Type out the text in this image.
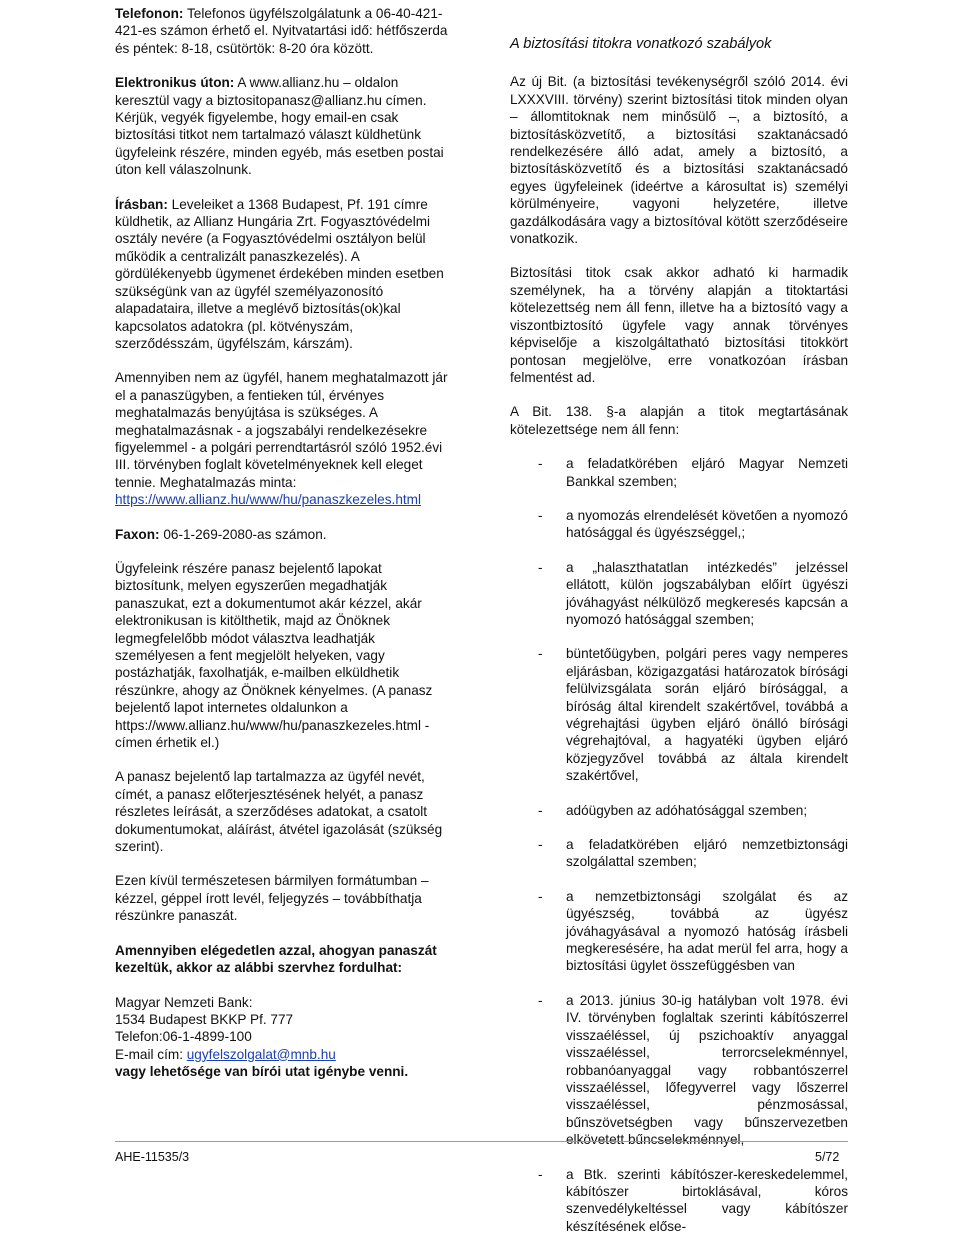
Telefonon: Telefonos ügyfélszolgálatunk a 06-40-421-421-es számon érhető el. Nyitvatartási idő: hétfőszerda és péntek: 8-18, csütörtök: 8-20 óra között.

Elektronikus úton: A www.allianz.hu – oldalon keresztül vagy a biztositopanasz@allianz.hu címen.

Kérjük, vegyék figyelembe, hogy email-en csak biztosítási titkot nem tartalmazó választ küldhetünk ügyfeleink részére, minden egyéb, más esetben postai úton kell válaszolnunk.

Írásban: Leveleiket a 1368 Budapest, Pf. 191 címre küldhetik, az Allianz Hungária Zrt. Fogyasztóvédelmi osztály nevére (a Fogyasztóvédelmi osztályon belül működik a centralizált panaszkezelés). A gördülékenyebb ügymenet érdekében minden esetben szükségünk van az ügyfél személyazonosító alapadataira, illetve a meglévő biztosítás(ok)kal kapcsolatos adatokra (pl. kötvényszám, szerződésszám, ügyfélszám, kárszám).

Amennyiben nem az ügyfél, hanem meghatalmazott jár el a panaszügyben, a fentieken túl, érvényes meghatalmazás benyújtása is szükséges. A meghatalmazásnak - a jogszabályi rendelkezésekre figyelemmel - a polgári perrendtartásról szóló 1952.évi III. törvényben foglalt követelményeknek kell eleget tennie. Meghatalmazás minta: https://www.allianz.hu/www/hu/panaszkezeles.html

Faxon: 06-1-269-2080-as számon.

Ügyfeleink részére panasz bejelentő lapokat biztosítunk, melyen egyszerűen megadhatják panaszukat, ezt a dokumentumot akár kézzel, akár elektronikusan is kitölthetik, majd az Önöknek legmegfelelőbb módot választva leadhatják személyesen a fent megjelölt helyeken, vagy postázhatják, faxolhatják, e-mailben elküldhetik részünkre, ahogy az Önöknek kényelmes. (A panasz bejelentő lapot internetes oldalunkon a https://www.allianz.hu/www/hu/panaszkezeles.html - címen érhetik el.)

A panasz bejelentő lap tartalmazza az ügyfél nevét, címét, a panasz előterjesztésének helyét, a panasz részletes leírását, a szerződéses adatokat, a csatolt dokumentumokat, aláírást, átvétel igazolását (szükség szerint).

Ezen kívül természetesen bármilyen formátumban – kézzel, géppel írott levél, feljegyzés – továbbíthatja részünkre panaszát.

Amennyiben elégedetlen azzal, ahogyan panaszát kezeltük, akkor az alábbi szervhez fordulhat:

Magyar Nemzeti Bank:
1534 Budapest BKKP Pf. 777
Telefon:06-1-4899-100
E-mail cím: ugyfelszolgalat@mnb.hu
vagy lehetősége van bírói utat igénybe venni.
A biztosítási titokra vonatkozó szabályok

Az új Bit. (a biztosítási tevékenységről szóló 2014. évi LXXXVIII. törvény) szerint biztosítási titok minden olyan – állomtitoknak nem minősülő –, a biztosító, a biztosításközvetítő, a biztosítási szaktanácsadó rendelkezésére álló adat, amely a biztosító, a biztosításközvetítő és a biztosítási szaktanácsadó egyes ügyfeleinek (ideértve a károsultat is) személyi körülményeire, vagyoni helyzetére, illetve gazdálkodására vagy a biztosítóval kötött szerződéseire vonatkozik.

Biztosítási titok csak akkor adható ki harmadik személynek, ha a törvény alapján a titoktartási kötelezettség nem áll fenn, illetve ha a biztosító vagy a viszontbiztosító ügyfele vagy annak törvényes képviselője a kiszolgáltatható biztosítási titokkört pontosan megjelölve, erre vonatkozóan írásban felmentést ad.

A Bit. 138. §-a alapján a titok megtartásának kötelezettsége nem áll fenn:

- a feladatkörében eljáró Magyar Nemzeti Bankkal szemben;
- a nyomozás elrendelését követően a nyomozó hatósággal és ügyészséggel,;
- a „halaszthatatlan intézkedés” jelzéssel ellátott, külön jogszabályban előírt ügyészi jóváhagyást nélkülöző megkeresés kapcsán a nyomozó hatósággal szemben;
- büntetőügyben, polgári peres vagy nemperes eljárásban, közigazgatási határozatok bírósági felülvizsgálata során eljáró bírósággal, a bíróság által kirendelt szakértővel, továbbá a végrehajtási ügyben eljáró önálló bírósági végrehajtóval, a hagyatéki ügyben eljáró közjegyzővel továbbá az általa kirendelt szakértővel,
- adóügyben az adóhatósággal szemben;
- a feladatkörében eljáró nemzetbiztonsági szolgálattal szemben;
- a nemzetbiztonsági szolgálat és az ügyészség, továbbá az ügyész jóváhagyásával a nyomozó hatóság írásbeli megkeresésére, ha adat merül fel arra, hogy a biztosítási ügylet összefüggésben van
- a 2013. június 30-ig hatályban volt 1978. évi IV. törvényben foglaltak szerinti kábítószerrel visszaéléssel, új pszichoaktív anyaggal visszaéléssel, terrorcselekménnyel, robbanóanyaggal vagy robbantószerrel visszaéléssel, lőfegyverrel vagy lőszerrel visszaéléssel, pénzmosással, bűnszövetségben vagy bűnszervezetben elkövetett bűncselekménnyel,
- a Btk. szerinti kábítószer-kereskedelemmel, kábítószer birtoklásával, kóros szenvedélykeltéssel vagy kábítószer készítésének előse-
AHE-11535/3	5/72
